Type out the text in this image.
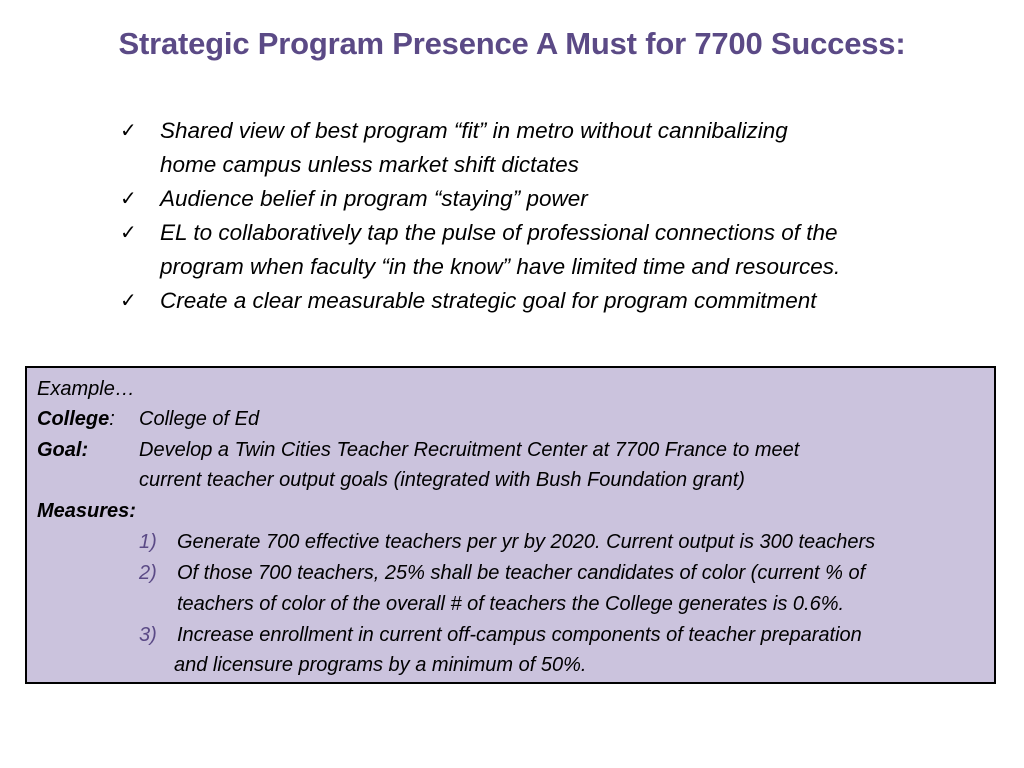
Strategic Program Presence A Must for 7700 Success:
✓ Shared view of best program “fit” in metro without cannibalizing
home campus unless market shift dictates
✓ Audience belief in program “staying” power
✓ EL to collaboratively tap the pulse of professional connections of the
program when faculty “in the know” have limited time and resources.
✓ Create a clear measurable strategic goal for program commitment
Example…
College: College of Ed
Goal:	Develop a Twin Cities Teacher Recruitment Center at 7700 France to meet
current teacher output goals (integrated with Bush Foundation grant)
Measures:
1) Generate 700 effective teachers per yr by 2020. Current output is 300 teachers
2) Of those 700 teachers, 25% shall be teacher candidates of color (current % of
teachers of color of the overall # of teachers the College generates is 0.6%.
3) Increase enrollment in current off-campus components of teacher preparation
and licensure programs by a minimum of 50%.
